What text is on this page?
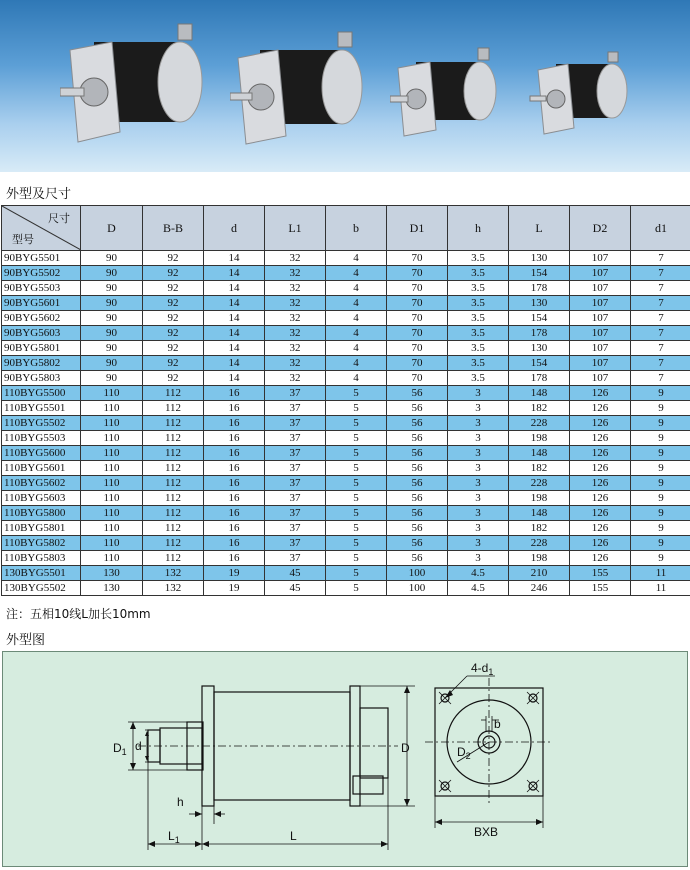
外型及尺寸
尺寸
型号	D	B-B	d	L1	b	D1	h	L	D2	d1
90BYG5501	90	92	14	32	4	70	3.5	130	107	7
90BYG5502	90	92	14	32	4	70	3.5	154	107	7
90BYG5503	90	92	14	32	4	70	3.5	178	107	7
90BYG5601	90	92	14	32	4	70	3.5	130	107	7
90BYG5602	90	92	14	32	4	70	3.5	154	107	7
90BYG5603	90	92	14	32	4	70	3.5	178	107	7
90BYG5801	90	92	14	32	4	70	3.5	130	107	7
90BYG5802	90	92	14	32	4	70	3.5	154	107	7
90BYG5803	90	92	14	32	4	70	3.5	178	107	7
110BYG5500	110	112	16	37	5	56	3	148	126	9
110BYG5501	110	112	16	37	5	56	3	182	126	9
110BYG5502	110	112	16	37	5	56	3	228	126	9
110BYG5503	110	112	16	37	5	56	3	198	126	9
110BYG5600	110	112	16	37	5	56	3	148	126	9
110BYG5601	110	112	16	37	5	56	3	182	126	9
110BYG5602	110	112	16	37	5	56	3	228	126	9
110BYG5603	110	112	16	37	5	56	3	198	126	9
110BYG5800	110	112	16	37	5	56	3	148	126	9
110BYG5801	110	112	16	37	5	56	3	182	126	9
110BYG5802	110	112	16	37	5	56	3	228	126	9
110BYG5803	110	112	16	37	5	56	3	198	126	9
130BYG5501	130	132	19	45	5	100	4.5	210	155	11
130BYG5502	130	132	19	45	5	100	4.5	246	155	11
注：五相10线L加长10mm
外型图
$4-d_1$
$D_1$ d	D
h
$L_1$	L
b
$D_2$
BXB
